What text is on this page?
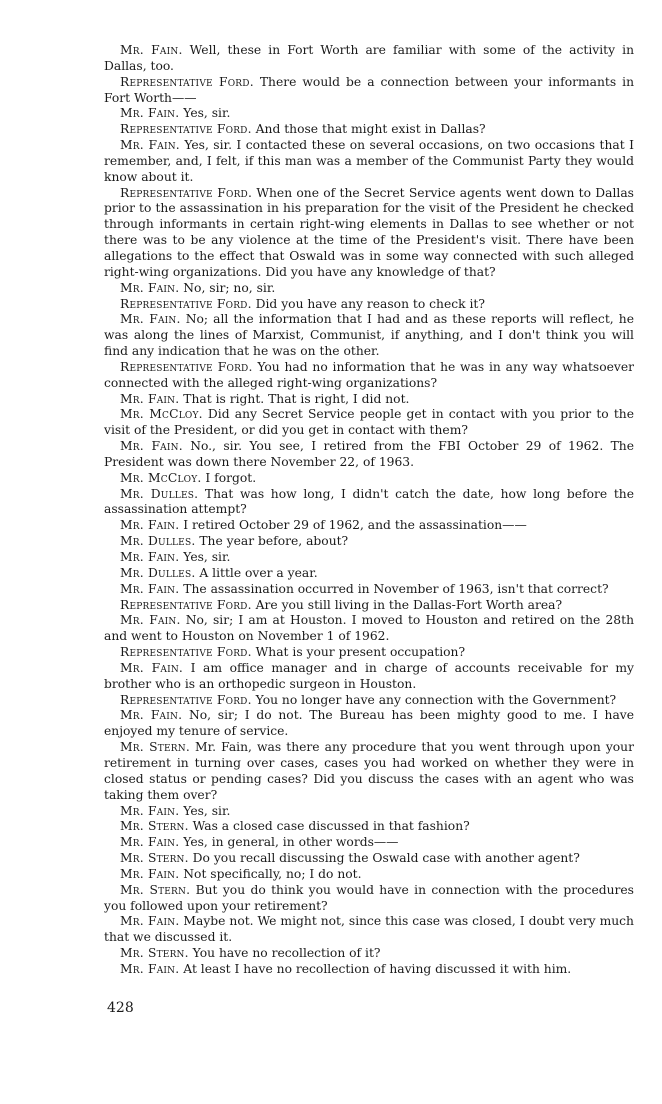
Mr. Fain. Well, these in Fort Worth are familiar with some of the activity in Dallas, too.

Representative Ford. There would be a connection between your informants in Fort Worth——

Mr. Fain. Yes, sir.

Representative Ford. And those that might exist in Dallas?

Mr. Fain. Yes, sir. I contacted these on several occasions, on two occasions that I remember, and, I felt, if this man was a member of the Communist Party they would know about it.

Representative Ford. When one of the Secret Service agents went down to Dallas prior to the assassination in his preparation for the visit of the President he checked through informants in certain right-wing elements in Dallas to see whether or not there was to be any violence at the time of the President's visit. There have been allegations to the effect that Oswald was in some way connected with such alleged right-wing organizations. Did you have any knowledge of that?

Mr. Fain. No, sir; no, sir.

Representative Ford. Did you have any reason to check it?

Mr. Fain. No; all the information that I had and as these reports will reflect, he was along the lines of Marxist, Communist, if anything, and I don't think you will find any indication that he was on the other.

Representative Ford. You had no information that he was in any way whatsoever connected with the alleged right-wing organizations?

Mr. Fain. That is right. That is right, I did not.

Mr. McCloy. Did any Secret Service people get in contact with you prior to the visit of the President, or did you get in contact with them?

Mr. Fain. No., sir. You see, I retired from the FBI October 29 of 1962. The President was down there November 22, of 1963.

Mr. McCloy. I forgot.

Mr. Dulles. That was how long, I didn't catch the date, how long before the assassination attempt?

Mr. Fain. I retired October 29 of 1962, and the assassination——

Mr. Dulles. The year before, about?

Mr. Fain. Yes, sir.

Mr. Dulles. A little over a year.

Mr. Fain. The assassination occurred in November of 1963, isn't that correct?

Representative Ford. Are you still living in the Dallas-Fort Worth area?

Mr. Fain. No, sir; I am at Houston. I moved to Houston and retired on the 28th and went to Houston on November 1 of 1962.

Representative Ford. What is your present occupation?

Mr. Fain. I am office manager and in charge of accounts receivable for my brother who is an orthopedic surgeon in Houston.

Representative Ford. You no longer have any connection with the Government?

Mr. Fain. No, sir; I do not. The Bureau has been mighty good to me. I have enjoyed my tenure of service.

Mr. Stern. Mr. Fain, was there any procedure that you went through upon your retirement in turning over cases, cases you had worked on whether they were in closed status or pending cases? Did you discuss the cases with an agent who was taking them over?

Mr. Fain. Yes, sir.

Mr. Stern. Was a closed case discussed in that fashion?

Mr. Fain. Yes, in general, in other words——

Mr. Stern. Do you recall discussing the Oswald case with another agent?

Mr. Fain. Not specifically, no; I do not.

Mr. Stern. But you do think you would have in connection with the procedures you followed upon your retirement?

Mr. Fain. Maybe not. We might not, since this case was closed, I doubt very much that we discussed it.

Mr. Stern. You have no recollection of it?

Mr. Fain. At least I have no recollection of having discussed it with him.

428
